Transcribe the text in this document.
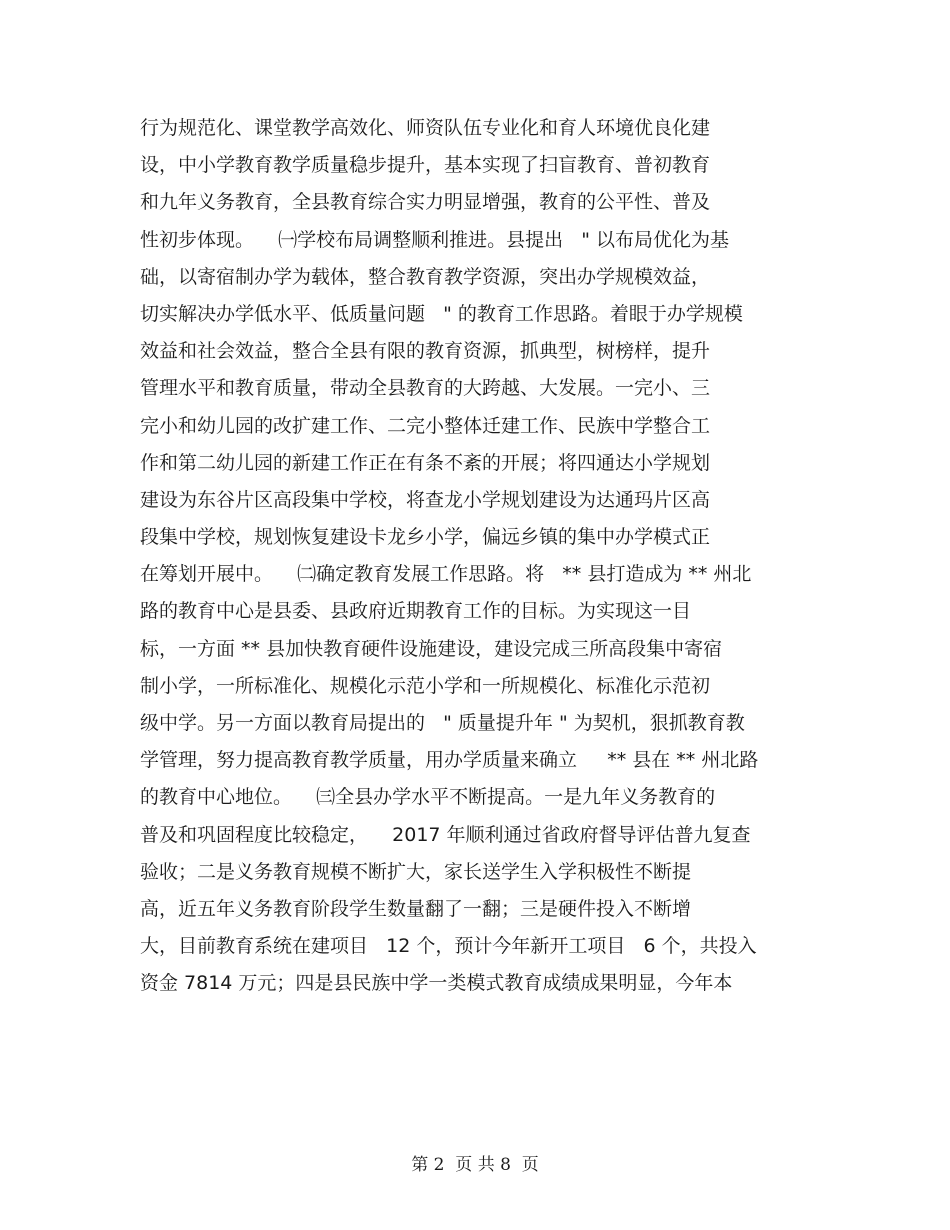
行为规范化、课堂教学高效化、师资队伍专业化和育人环境优良化建
设，中小学教育教学质量稳步提升，基本实现了扫盲教育、普初教育
和九年义务教育，全县教育综合实力明显增强，教育的公平性、普及
性初步体现。    ㈠学校布局调整顺利推进。县提出   " 以布局优化为基
础，以寄宿制办学为载体，整合教育教学资源，突出办学规模效益，
切实解决办学低水平、低质量问题   " 的教育工作思路。着眼于办学规模
效益和社会效益，整合全县有限的教育资源，抓典型，树榜样，提升
管理水平和教育质量，带动全县教育的大跨越、大发展。一完小、三
完小和幼儿园的改扩建工作、二完小整体迁建工作、民族中学整合工
作和第二幼儿园的新建工作正在有条不紊的开展；将四通达小学规划
建设为东谷片区高段集中学校，将查龙小学规划建设为达通玛片区高
段集中学校，规划恢复建设卡龙乡小学，偏远乡镇的集中办学模式正
在筹划开展中。    ㈡确定教育发展工作思路。将   ** 县打造成为 ** 州北
路的教育中心是县委、县政府近期教育工作的目标。为实现这一目
标，一方面 ** 县加快教育硬件设施建设，建设完成三所高段集中寄宿
制小学，一所标准化、规模化示范小学和一所规模化、标准化示范初
级中学。另一方面以教育局提出的   " 质量提升年 " 为契机，狠抓教育教
学管理，努力提高教育教学质量，用办学质量来确立     ** 县在 ** 州北路
的教育中心地位。    ㈢全县办学水平不断提高。一是九年义务教育的
普及和巩固程度比较稳定，    2017 年顺利通过省政府督导评估普九复查
验收；二是义务教育规模不断扩大，家长送学生入学积极性不断提
高，近五年义务教育阶段学生数量翻了一翻；三是硬件投入不断增
大，目前教育系统在建项目   12 个，预计今年新开工项目   6 个，共投入
资金 7814 万元；四是县民族中学一类模式教育成绩成果明显，今年本
第 2  页 共 8  页
